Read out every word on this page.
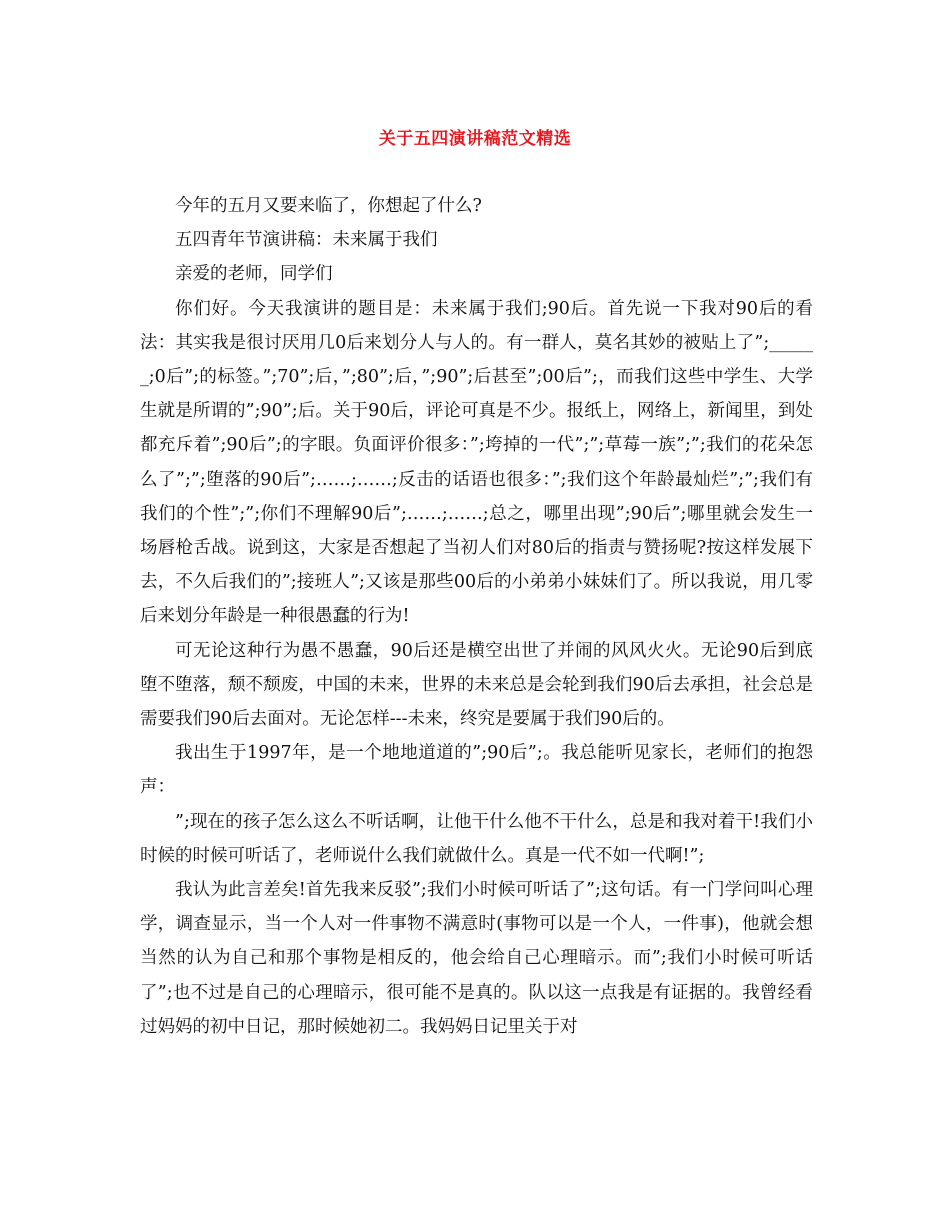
关于五四演讲稿范文精选

今年的五月又要来临了，你想起了什么?

五四青年节演讲稿：未来属于我们

亲爱的老师，同学们

你们好。今天我演讲的题目是：未来属于我们;90后。首先说一下我对90后的看法：其实我是很讨厌用几0后来划分人与人的。有一群人，莫名其妙的被贴上了”;______;0后”;的标签。”;70”;后，”;80”;后，”;90”;后甚至”;00后”;，而我们这些中学生、大学生就是所谓的”;90”;后。关于90后，评论可真是不少。报纸上，网络上，新闻里，到处都充斥着”;90后”;的字眼。负面评价很多：”;垮掉的一代”;”;草莓一族”;”;我们的花朵怎么了”;”;堕落的90后”;……;……;反击的话语也很多：”;我们这个年龄最灿烂”;”;我们有我们的个性”;”;你们不理解90后”;……;……;总之，哪里出现”;90后”;哪里就会发生一场唇枪舌战。说到这，大家是否想起了当初人们对80后的指责与赞扬呢?按这样发展下去，不久后我们的”;接班人”;又该是那些00后的小弟弟小妹妹们了。所以我说，用几零后来划分年龄是一种很愚蠢的行为!

可无论这种行为愚不愚蠢，90后还是横空出世了并闹的风风火火。无论90后到底堕不堕落，颓不颓废，中国的未来，世界的未来总是会轮到我们90后去承担，社会总是需要我们90后去面对。无论怎样---未来，终究是要属于我们90后的。

我出生于1997年，是一个地地道道的”;90后”;。我总能听见家长，老师们的抱怨声：

”;现在的孩子怎么这么不听话啊，让他干什么他不干什么，总是和我对着干!我们小时候的时候可听话了，老师说什么我们就做什么。真是一代不如一代啊!”;

我认为此言差矣!首先我来反驳”;我们小时候可听话了”;这句话。有一门学问叫心理学，调查显示，当一个人对一件事物不满意时(事物可以是一个人，一件事)，他就会想当然的认为自己和那个事物是相反的，他会给自己心理暗示。而”;我们小时候可听话了”;也不过是自己的心理暗示，很可能不是真的。队以这一点我是有证据的。我曾经看过妈妈的初中日记，那时候她初二。我妈妈日记里关于对
